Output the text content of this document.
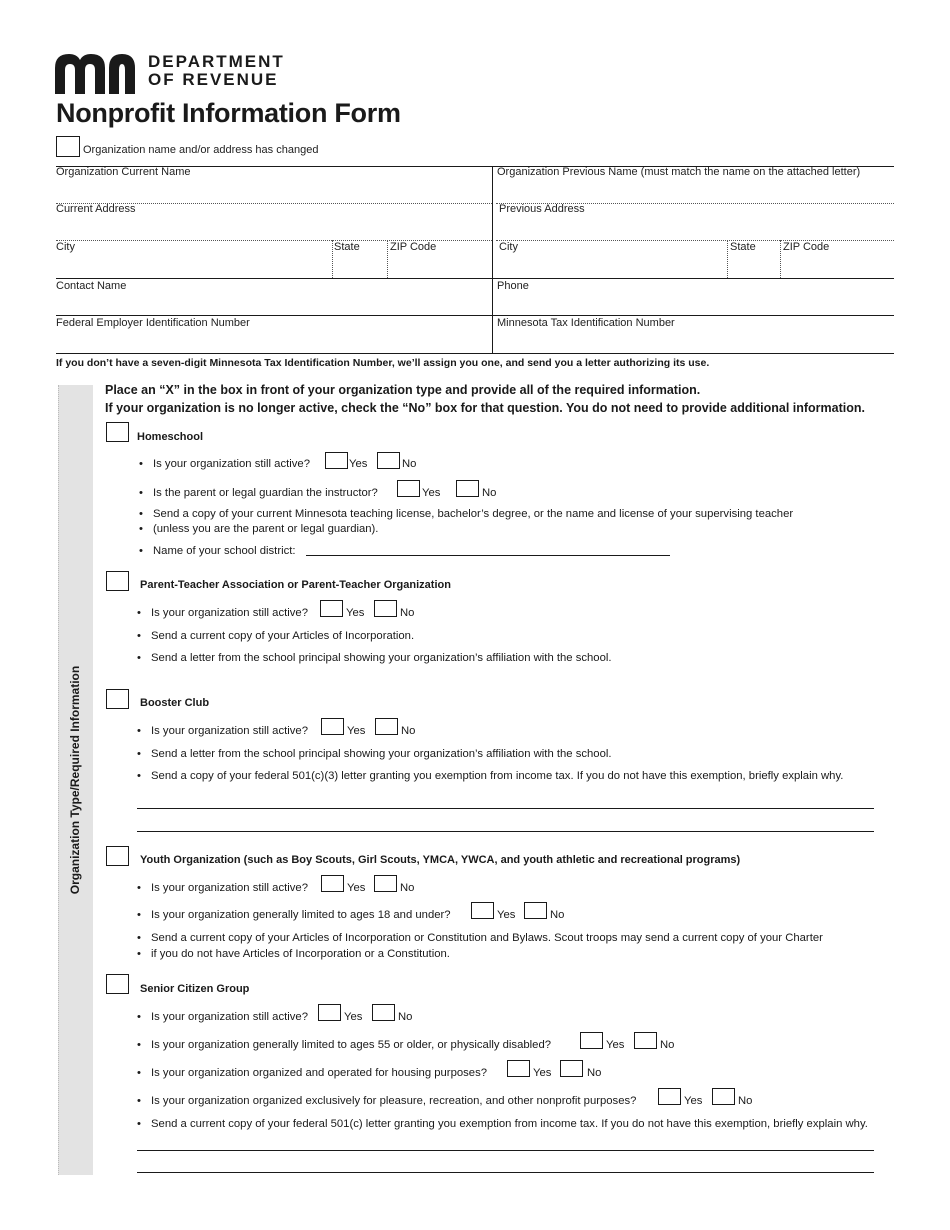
DEPARTMENT
OF REVENUE
Nonprofit Information Form
Organization name and/or address has changed
Organization Current Name	Organization Previous Name (must match the name on the attached letter)
Current Address	Previous Address
City	State	ZIP Code	City	State ZIP Code
Contact Name	Phone
Federal Employer Identification Number	Minnesota Tax Identification Number
If you don’t have a seven-digit Minnesota Tax Identification Number, we’ll assign you one, and send you a letter authorizing its use.
Organization Type/Required Information
Place an “X” in the box in front of your organization type and provide all of the required information.
If your organization is no longer active, check the “No” box for that question. You do not need to provide additional information.
Homeschool
• Is your organization still active?	Yes	No
• Is the parent or legal guardian the instructor?	Yes	No
• Send a copy of your current Minnesota teaching license, bachelor’s degree, or the name and license of your supervising teacher
• (unless you are the parent or legal guardian).
• Name of your school district:
Parent-Teacher Association or Parent-Teacher Organization
• Is your organization still active?	Yes	No
• Send a current copy of your Articles of Incorporation.
• Send a letter from the school principal showing your organization’s affiliation with the school.
Booster Club
• Is your organization still active?	Yes	No
• Send a letter from the school principal showing your organization’s affiliation with the school.
• Send a copy of your federal 501(c)(3) letter granting you exemption from income tax. If you do not have this exemption, briefly explain why.
Youth Organization (such as Boy Scouts, Girl Scouts, YMCA, YWCA, and youth athletic and recreational programs)
• Is your organization still active?	Yes	No
• Is your organization generally limited to ages 18 and under?	Yes	No
• Send a current copy of your Articles of Incorporation or Constitution and Bylaws. Scout troops may send a current copy of your Charter
• if you do not have Articles of Incorporation or a Constitution.
Senior Citizen Group
• Is your organization still active?	Yes	No
• Is your organization generally limited to ages 55 or older, or physically disabled?	Yes	No
• Is your organization organized and operated for housing purposes?	Yes	No
• Is your organization organized exclusively for pleasure, recreation, and other nonprofit purposes?	Yes	No
• Send a current copy of your federal 501(c) letter granting you exemption from income tax. If you do not have this exemption, briefly explain why.
